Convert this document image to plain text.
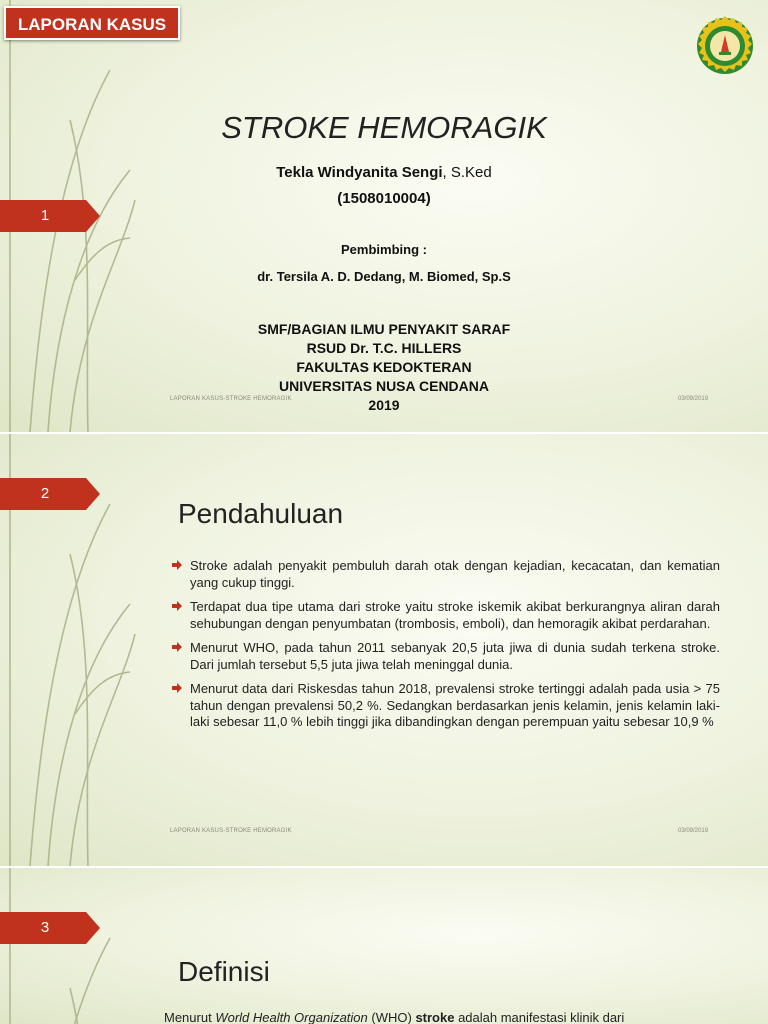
LAPORAN KASUS
1
STROKE HEMORAGIK
Tekla Windyanita Sengi, S.Ked
(1508010004)
Pembimbing :
dr. Tersila A. D. Dedang, M. Biomed, Sp.S
SMF/BAGIAN ILMU PENYAKIT SARAF
RSUD Dr. T.C. HILLERS
FAKULTAS KEDOKTERAN
UNIVERSITAS NUSA CENDANA
2019
LAPORAN KASUS-STROKE HEMORAGIK	03/09/2019
2
Pendahuluan
Stroke adalah penyakit pembuluh darah otak dengan kejadian, kecacatan, dan kematian yang cukup tinggi.
Terdapat dua tipe utama dari stroke yaitu stroke iskemik akibat berkurangnya aliran darah sehubungan dengan penyumbatan (trombosis, emboli), dan hemoragik akibat perdarahan.
Menurut WHO, pada tahun 2011 sebanyak 20,5 juta jiwa di dunia sudah terkena stroke. Dari jumlah tersebut 5,5 juta jiwa telah meninggal dunia.
Menurut data dari Riskesdas tahun 2018, prevalensi stroke tertinggi adalah pada usia > 75 tahun dengan prevalensi 50,2 %. Sedangkan berdasarkan jenis kelamin, jenis kelamin laki-laki sebesar 11,0 % lebih tinggi jika dibandingkan dengan perempuan yaitu sebesar 10,9 %
LAPORAN KASUS-STROKE HEMORAGIK	03/09/2019
3
Definisi
Menurut World Health Organization (WHO) stroke adalah manifestasi klinik dari
